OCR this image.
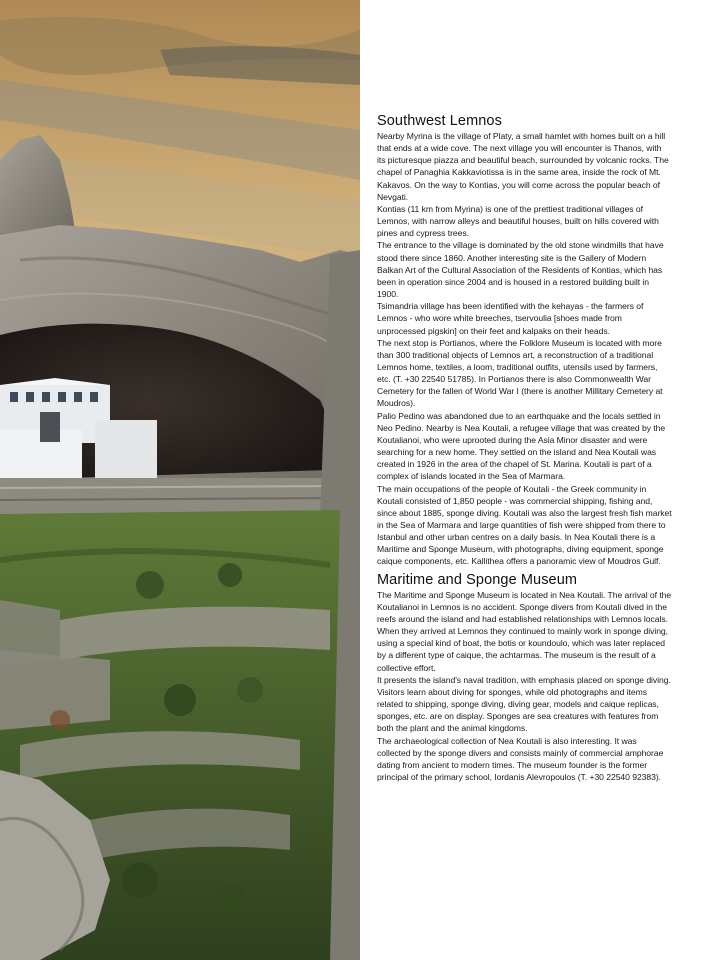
Southwest Lemnos

Nearby Myrina is the village of Platy, a small hamlet with homes built on a hill that ends at a wide cove. The next village you will encounter is Thanos, with its picturesque piazza and beautiful beach, surrounded by volcanic rocks. The chapel of Panaghia Kakkaviotissa is in the same area, inside the rock of Mt. Kakavos. On the way to Kontias, you will come across the popular beach of Nevgati.

Kontias (11 km from Myrina) is one of the prettiest traditional villages of Lemnos, with narrow alleys and beautiful houses, built on hills covered with pines and cypress trees.

The entrance to the village is dominated by the old stone windmills that have stood there since 1860. Another interesting site is the Gallery of Modern Balkan Art of the Cultural Association of the Residents of Kontias, which has been in operation since 2004 and is housed in a restored building built in 1900.

Tsimandria village has been identified with the kehayas - the farmers of Lemnos - who wore white breeches, tservoulia [shoes made from unprocessed pigskin] on their feet and kalpaks on their heads.

The next stop is Portianos, where the Folklore Museum is located with more than 300 traditional objects of Lemnos art, a reconstruction of a traditional Lemnos home, textiles, a loom, traditional outfits, utensils used by farmers, etc. (T. +30 22540 51785). In Portianos there is also Commonwealth War Cemetery for the fallen of World War I (there is another Millitary Cemetery at Moudros).

Palio Pedino was abandoned due to an earthquake and the locals settled in Neo Pedino. Nearby is Nea Koutali, a refugee village that was created by the Koutalianoi, who were uprooted during the Asia Minor disaster and were searching for a new home. They settled on the island and Nea Koutali was created in 1926 in the area of the chapel of St. Marina. Koutali is part of a complex of islands located in the Sea of Marmara.

The main occupations of the people of Koutali - the Greek community in Koutali consisted of 1,850 people - was commercial shipping, fishing and, since about 1885, sponge diving. Koutali was also the largest fresh fish market in the Sea of Marmara and large quantities of fish were shipped from there to Istanbul and other urban centres on a daily basis. In Nea Koutali there is a Maritime and Sponge Museum, with photographs, diving equipment, sponge caique components, etc. Kallithea offers a panoramic view of Moudros Gulf.

Maritime and Sponge Museum

The Maritime and Sponge Museum is located in Nea Koutali. The arrival of the Koutalianoi in Lemnos is no accident. Sponge divers from Koutali dived in the reefs around the island and had established relationships with Lemnos locals. When they arrived at Lemnos they continued to mainly work in sponge diving, using a special kind of boat, the botis or koundoulo, which was later replaced by a different type of caique, the achtarmas. The museum is the result of a collective effort.

It presents the island's naval tradition, with emphasis placed on sponge diving. Visitors learn about diving for sponges, while old photographs and items related to shipping, sponge diving, diving gear, models and caique replicas, sponges, etc. are on display. Sponges are sea creatures with features from both the plant and the animal kingdoms.

The archaeological collection of Nea Koutali is also interesting. It was collected by the sponge divers and consists mainly of commercial amphorae dating from ancient to modern times. The museum founder is the former principal of the primary school, Iordanis Alevropoulos (T. +30 22540 92383).
